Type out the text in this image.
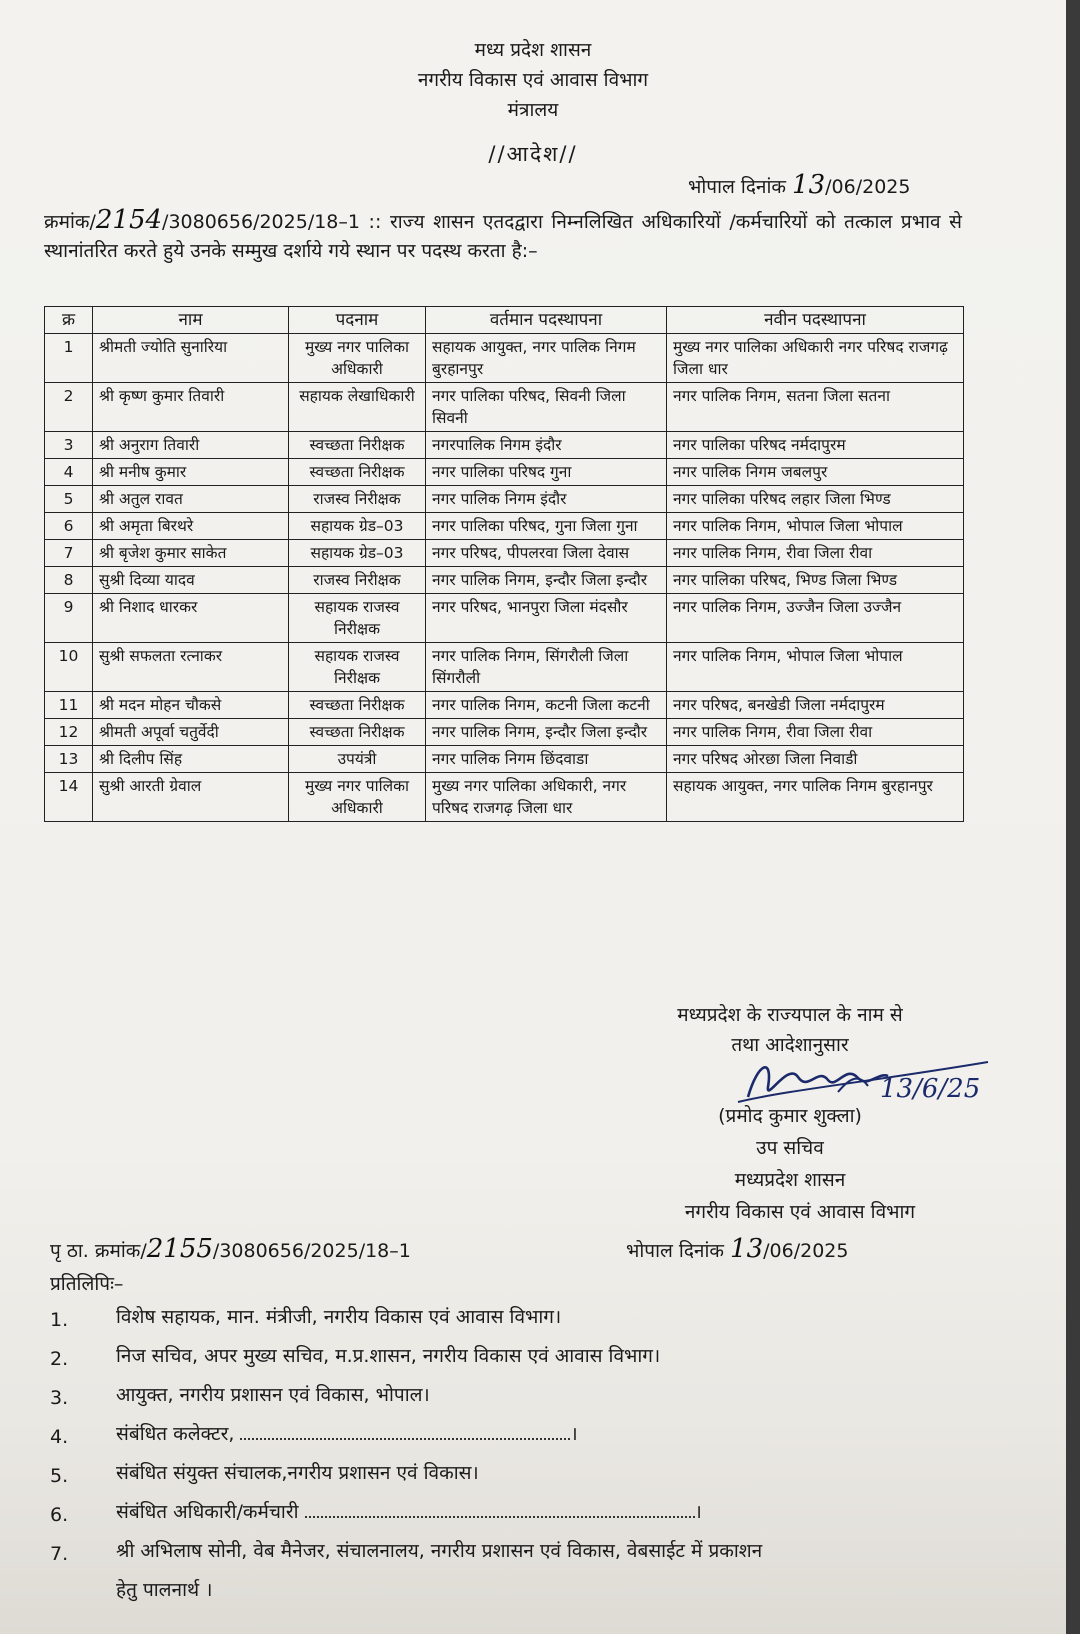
मध्य प्रदेश शासन
नगरीय विकास एवं आवास विभाग
मंत्रालय
//आदेश//
भोपाल दिनांक 13/06/2025
क्रमांक/2154/3080656/2025/18–1 :: राज्य शासन एतदद्वारा निम्नलिखित अधिकारियों /कर्मचारियों को तत्काल प्रभाव से स्थानांतरित करते हुये उनके सम्मुख दर्शाये गये स्थान पर पदस्थ करता है:–
क्र	नाम	पदनाम	वर्तमान पदस्थापना	नवीन पदस्थापना
1	श्रीमती ज्योति सुनारिया	मुख्य नगर पालिका अधिकारी	सहायक आयुक्त, नगर पालिक निगम बुरहानपुर	मुख्य नगर पालिका अधिकारी नगर परिषद राजगढ़ जिला धार
2	श्री कृष्ण कुमार तिवारी	सहायक लेखाधिकारी	नगर पालिका परिषद, सिवनी जिला सिवनी	नगर पालिक निगम, सतना जिला सतना
3	श्री अनुराग तिवारी	स्वच्छता निरीक्षक	नगरपालिक निगम इंदौर	नगर पालिका परिषद नर्मदापुरम
4	श्री मनीष कुमार	स्वच्छता निरीक्षक	नगर पालिका परिषद गुना	नगर पालिक निगम जबलपुर
5	श्री अतुल रावत	राजस्व निरीक्षक	नगर पालिक निगम इंदौर	नगर पालिका परिषद लहार जिला भिण्ड
6	श्री अमृता बिरथरे	सहायक ग्रेड–03	नगर पालिका परिषद, गुना जिला गुना	नगर पालिक निगम, भोपाल जिला भोपाल
7	श्री बृजेश कुमार साकेत	सहायक ग्रेड–03	नगर परिषद, पीपलरवा जिला देवास	नगर पालिक निगम, रीवा जिला रीवा
8	सुश्री दिव्या यादव	राजस्व निरीक्षक	नगर पालिक निगम, इन्दौर जिला इन्दौर	नगर पालिका परिषद, भिण्ड जिला भिण्ड
9	श्री निशाद धारकर	सहायक राजस्व निरीक्षक	नगर परिषद, भानपुरा जिला मंदसौर	नगर पालिक निगम, उज्जैन जिला उज्जैन
10	सुश्री सफलता रत्नाकर	सहायक राजस्व निरीक्षक	नगर पालिक निगम, सिंगरौली जिला सिंगरौली	नगर पालिक निगम, भोपाल जिला भोपाल
11	श्री मदन मोहन चौकसे	स्वच्छता निरीक्षक	नगर पालिक निगम, कटनी जिला कटनी	नगर परिषद, बनखेडी जिला नर्मदापुरम
12	श्रीमती अपूर्वा चतुर्वेदी	स्वच्छता निरीक्षक	नगर पालिक निगम, इन्दौर जिला इन्दौर	नगर पालिक निगम, रीवा जिला रीवा
13	श्री दिलीप सिंह	उपयंत्री	नगर पालिक निगम छिंदवाडा	नगर परिषद ओरछा जिला निवाडी
14	सुश्री आरती ग्रेवाल	मुख्य नगर पालिका अधिकारी	मुख्य नगर पालिका अधिकारी, नगर परिषद राजगढ़ जिला धार	सहायक आयुक्त, नगर पालिक निगम बुरहानपुर
मध्यप्रदेश के राज्यपाल के नाम से
तथा आदेशानुसार
13/6/25
(प्रमोद कुमार शुक्ला)
उप सचिव
मध्यप्रदेश शासन
नगरीय विकास एवं आवास विभाग
पृ ठा. क्रमांक/2155/3080656/2025/18–1	भोपाल दिनांक 13/06/2025
प्रतिलिपिः–
1.	विशेष सहायक, मान. मंत्रीजी, नगरीय विकास एवं आवास विभाग।
2.	निज सचिव, अपर मुख्य सचिव, म.प्र.शासन, नगरीय विकास एवं आवास विभाग।
3.	आयुक्त, नगरीय प्रशासन एवं विकास, भोपाल।
4.	संबंधित कलेक्टर,	।
5.	संबंधित संयुक्त संचालक,नगरीय प्रशासन एवं विकास।
6.	संबंधित अधिकारी/कर्मचारी	।
7.	श्री अभिलाष सोनी, वेब मैनेजर, संचालनालय, नगरीय प्रशासन एवं विकास, वेबसाईट में प्रकाशन
हेतु पालनार्थ ।
